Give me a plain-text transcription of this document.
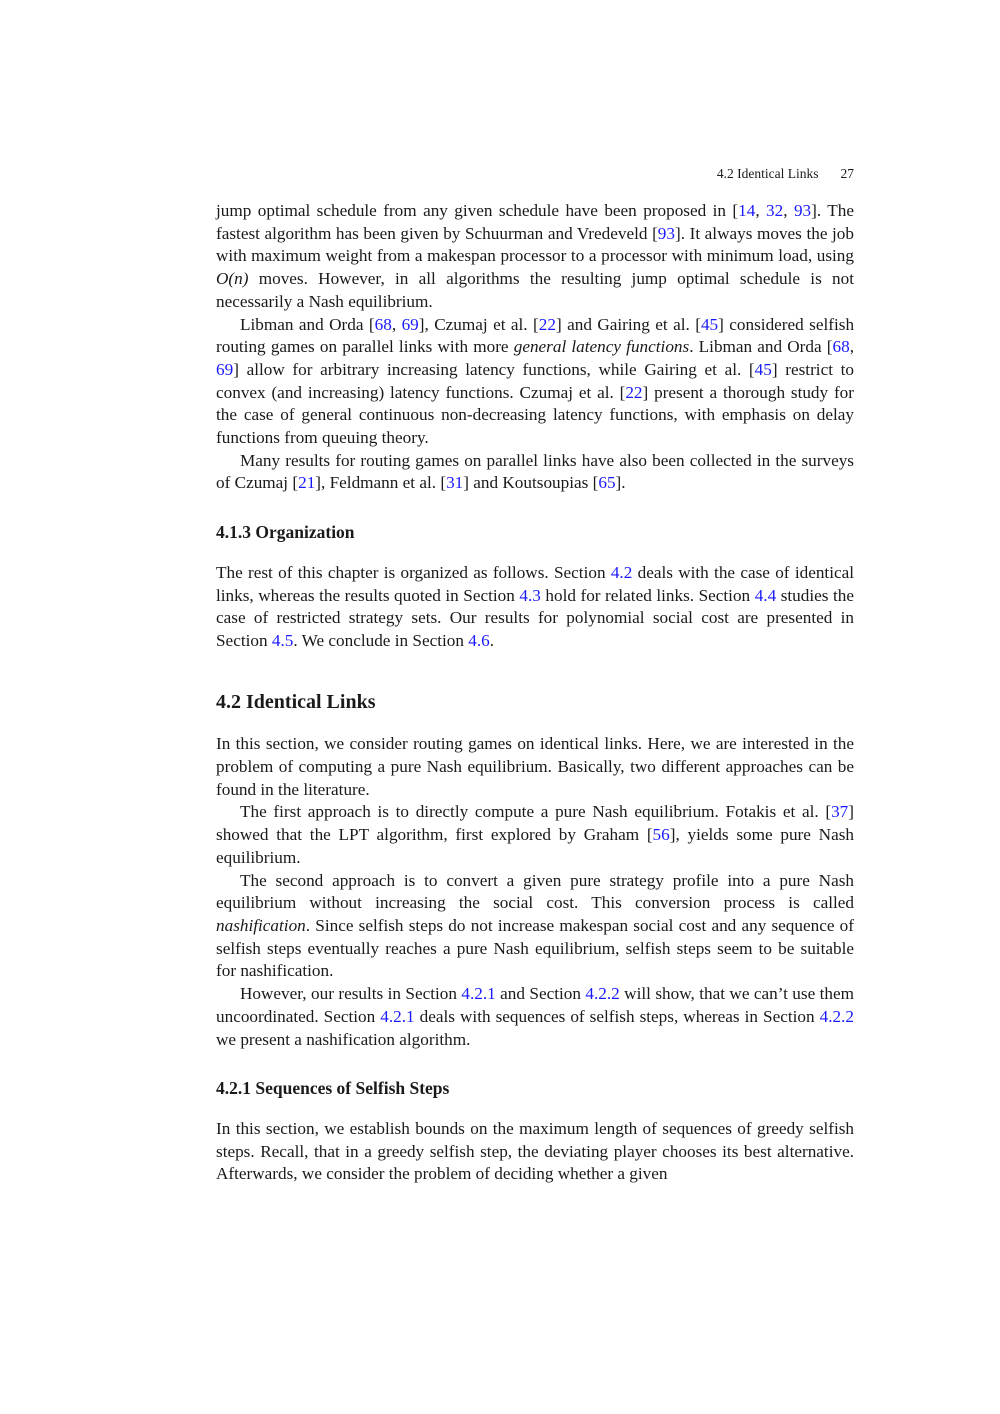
4.2 Identical Links 27

jump optimal schedule from any given schedule have been proposed in [14, 32, 93]. The fastest algorithm has been given by Schuurman and Vredeveld [93]. It always moves the job with maximum weight from a makespan processor to a processor with minimum load, using O(n) moves. However, in all algorithms the resulting jump optimal schedule is not necessarily a Nash equilibrium.

Libman and Orda [68, 69], Czumaj et al. [22] and Gairing et al. [45] considered selfish routing games on parallel links with more general latency functions. Libman and Orda [68, 69] allow for arbitrary increasing latency functions, while Gairing et al. [45] restrict to convex (and increasing) latency functions. Czumaj et al. [22] present a thorough study for the case of general continuous non-decreasing latency functions, with emphasis on delay functions from queuing theory.

Many results for routing games on parallel links have also been collected in the surveys of Czumaj [21], Feldmann et al. [31] and Koutsoupias [65].

4.1.3 Organization

The rest of this chapter is organized as follows. Section 4.2 deals with the case of identical links, whereas the results quoted in Section 4.3 hold for related links. Section 4.4 studies the case of restricted strategy sets. Our results for polynomial social cost are presented in Section 4.5. We conclude in Section 4.6.

4.2 Identical Links

In this section, we consider routing games on identical links. Here, we are interested in the problem of computing a pure Nash equilibrium. Basically, two different approaches can be found in the literature.

The first approach is to directly compute a pure Nash equilibrium. Fotakis et al. [37] showed that the LPT algorithm, first explored by Graham [56], yields some pure Nash equilibrium.

The second approach is to convert a given pure strategy profile into a pure Nash equilibrium without increasing the social cost. This conversion process is called nashification. Since selfish steps do not increase makespan social cost and any sequence of selfish steps eventually reaches a pure Nash equilibrium, selfish steps seem to be suitable for nashification.

However, our results in Section 4.2.1 and Section 4.2.2 will show, that we can’t use them uncoordinated. Section 4.2.1 deals with sequences of selfish steps, whereas in Section 4.2.2 we present a nashification algorithm.

4.2.1 Sequences of Selfish Steps

In this section, we establish bounds on the maximum length of sequences of greedy selfish steps. Recall, that in a greedy selfish step, the deviating player chooses its best alternative. Afterwards, we consider the problem of deciding whether a given
